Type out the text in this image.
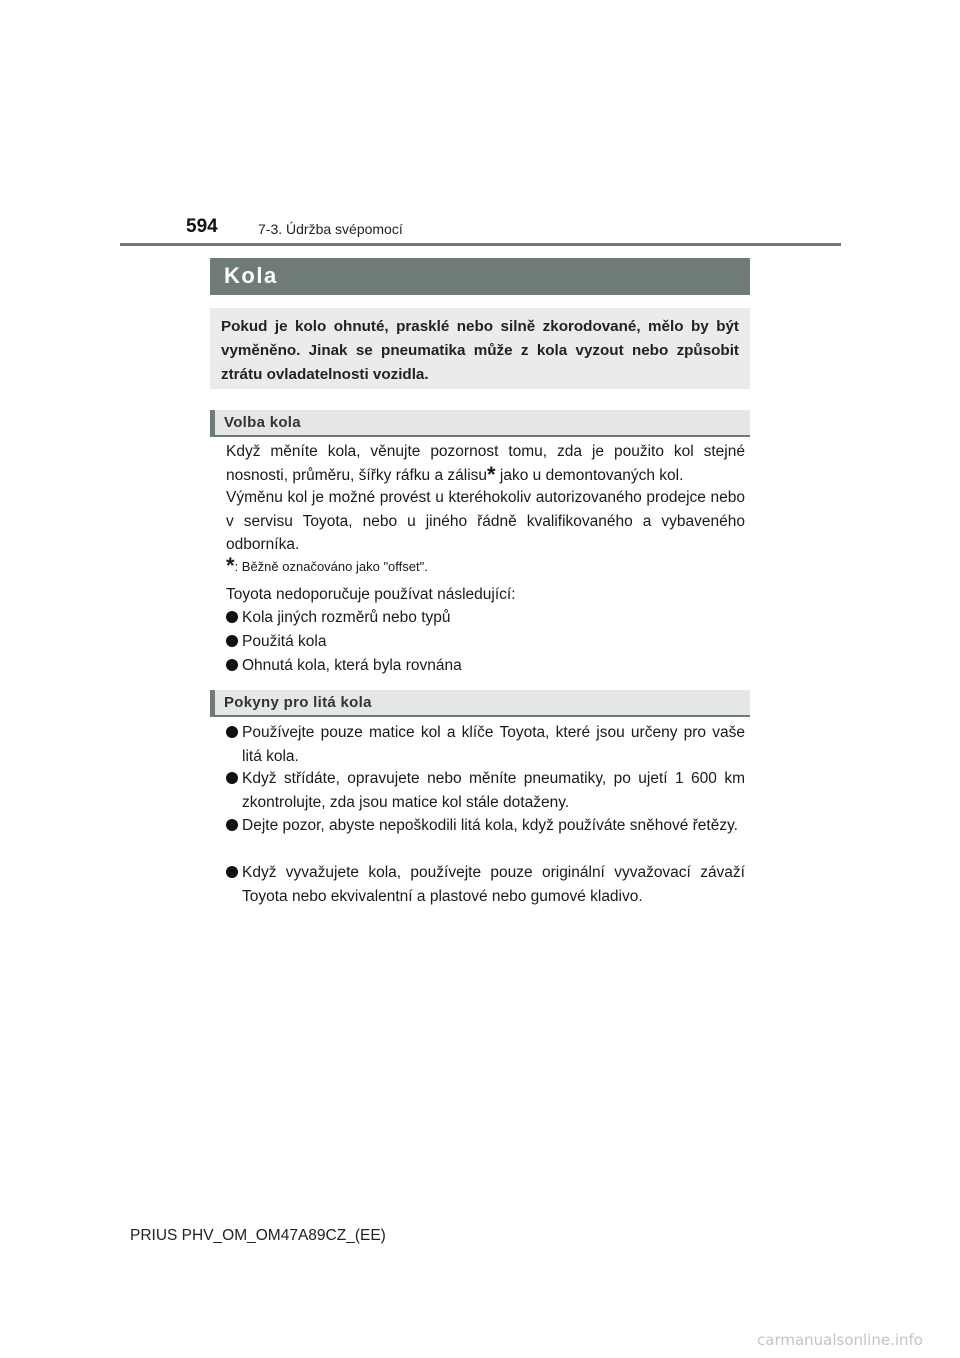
594	7-3. Údržba svépomocí
Kola
Pokud je kolo ohnuté, prasklé nebo silně zkorodované, mělo by být vyměněno. Jinak se pneumatika může z kola vyzout nebo způsobit ztrátu ovladatelnosti vozidla.
Volba kola
Když měníte kola, věnujte pozornost tomu, zda je použito kol stejné nosnosti, průměru, šířky ráfku a zálisu* jako u demontovaných kol.
Výměnu kol je možné provést u kteréhokoliv autorizovaného prodejce nebo v servisu Toyota, nebo u jiného řádně kvalifikovaného a vybaveného odborníka.
*: Běžně označováno jako "offset".
Toyota nedoporučuje používat následující:
Kola jiných rozměrů nebo typů
Použitá kola
Ohnutá kola, která byla rovnána
Pokyny pro litá kola
Používejte pouze matice kol a klíče Toyota, které jsou určeny pro vaše litá kola.
Když střídáte, opravujete nebo měníte pneumatiky, po ujetí 1 600 km zkontrolujte, zda jsou matice kol stále dotaženy.
Dejte pozor, abyste nepoškodili litá kola, když používáte sněhové řetězy.
Když vyvažujete kola, používejte pouze originální vyvažovací závaží Toyota nebo ekvivalentní a plastové nebo gumové kladivo.
PRIUS PHV_OM_OM47A89CZ_(EE)
carmanualsonline.info
